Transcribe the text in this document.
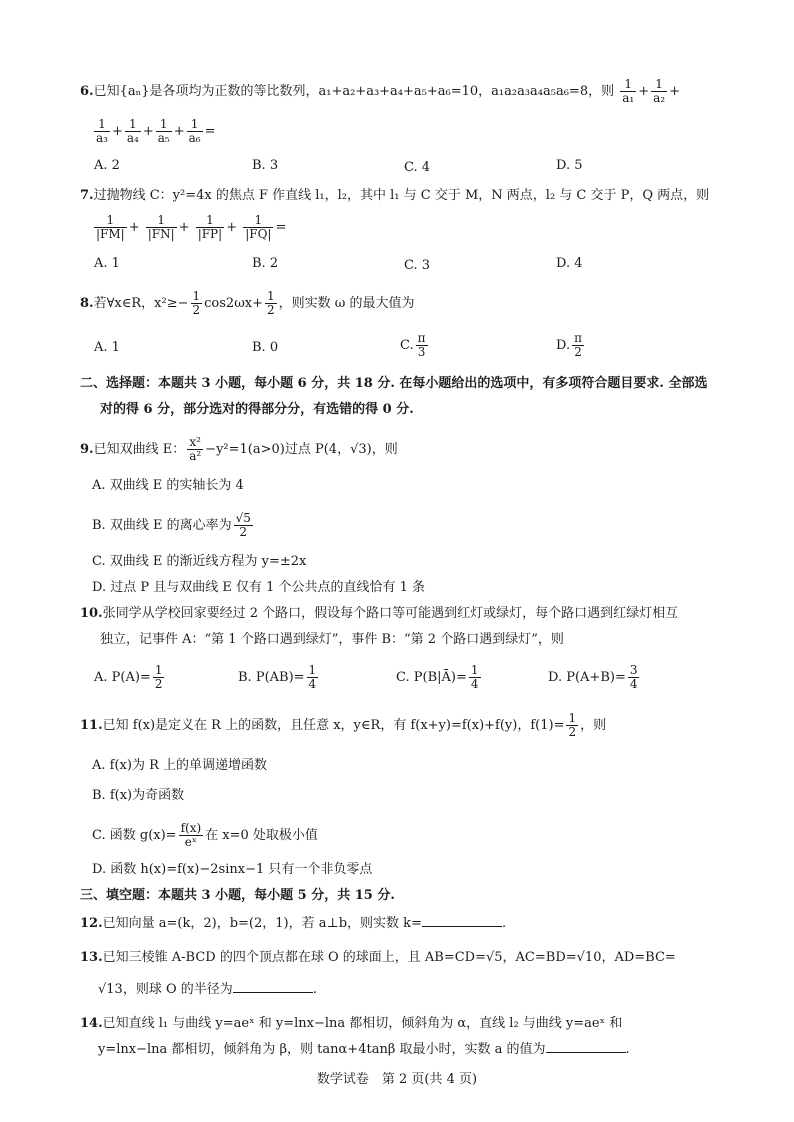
6.已知{aₙ}是各项均为正数的等比数列，a₁+a₂+a₃+a₄+a₅+a₆=10，a₁a₂a₃a₄a₅a₆=8，则 $\frac{1}{\text{a₁}} + \frac{1}{\text{a₂}}$ +
$\frac{1}{\text{a₃}} + \frac{1}{\text{a₄}} + \frac{1}{\text{a₅}} + \frac{1}{\text{a₆}}$ =
A. 2	B. 3	C. 4	D. 5
7.过抛物线 C：y²=4x 的焦点 F 作直线 l₁，l₂，其中 l₁ 与 C 交于 M，N 两点，l₂ 与 C 交于 P，Q 两点，则
$\frac{1}{|FM|} + \frac{1}{|FN|} + \frac{1}{|FP|} + \frac{1}{|FQ|}$ =
A. 1	B. 2	C. 3	D. 4
8.若∀x∈R，$x^2\ge- \frac{1}{2} \cos 2\omega x+ \frac{1}{2}$ ，则实数 ω 的最大值为
A. 1	B. 0	C. $\frac{\pi}{3}$	D. $\frac{\pi}{2}$
二、选择题：本题共 3 小题，每小题 6 分，共 18 分. 在每小题给出的选项中，有多项符合题目要求. 全部选
对的得 6 分，部分选对的得部分分，有选错的得 0 分.
9.已知双曲线 E： $\frac{\text{x²}}{\text{a²}} -y^2=1(a>0)$过点 P(4，√3)，则
A. 双曲线 E 的实轴长为 4
B. 双曲线 E 的离心率为 $\frac{√5}{2}$
C. 双曲线 E 的渐近线方程为 y=±2x
D. 过点 P 且与双曲线 E 仅有 1 个公共点的直线恰有 1 条
10.张同学从学校回家要经过 2 个路口，假设每个路口等可能遇到红灯或绿灯，每个路口遇到红绿灯相互
独立，记事件 A：“第 1 个路口遇到绿灯”，事件 B：“第 2 个路口遇到绿灯”，则
A. $P(A)= \frac{1}{2}$	B. $P(AB)= \frac{1}{4}$	C. P(B|Ā)= $\frac{1}{4}$	D. $P(A+B)= \frac{3}{4}$
11.已知 f(x)是定义在 R 上的函数，且任意 x，y∈R，有 f(x+y)=f(x)+f(y)，$f(1)= \frac{1}{2}$ ，则
A. f(x)为 R 上的单调递增函数
B. f(x)为奇函数
C. 函数 $g(x)= \frac{f(x)}{\text{eˣ}}$ 在 x=0 处取极小值
D. 函数 h(x)=f(x)−2sinx−1 只有一个非负零点
三、填空题：本题共 3 小题，每小题 5 分，共 15 分.
12.已知向量 a=(k，2)，b=(2，1)，若 a⊥b，则实数 k=	.
13.已知三棱锥 A-BCD 的四个顶点都在球 O 的球面上，且 AB=CD=√5，AC=BD=√10，AD=BC=
√13，则球 O 的半径为	.
14.已知直线 l₁ 与曲线 y=aeˣ 和 y=lnx−lna 都相切，倾斜角为 α，直线 l₂ 与曲线 y=aeˣ 和
y=lnx−lna 都相切，倾斜角为 β，则 tanα+4tanβ 取最小时，实数 a 的值为	.
数学试卷　第 2 页(共 4 页)
